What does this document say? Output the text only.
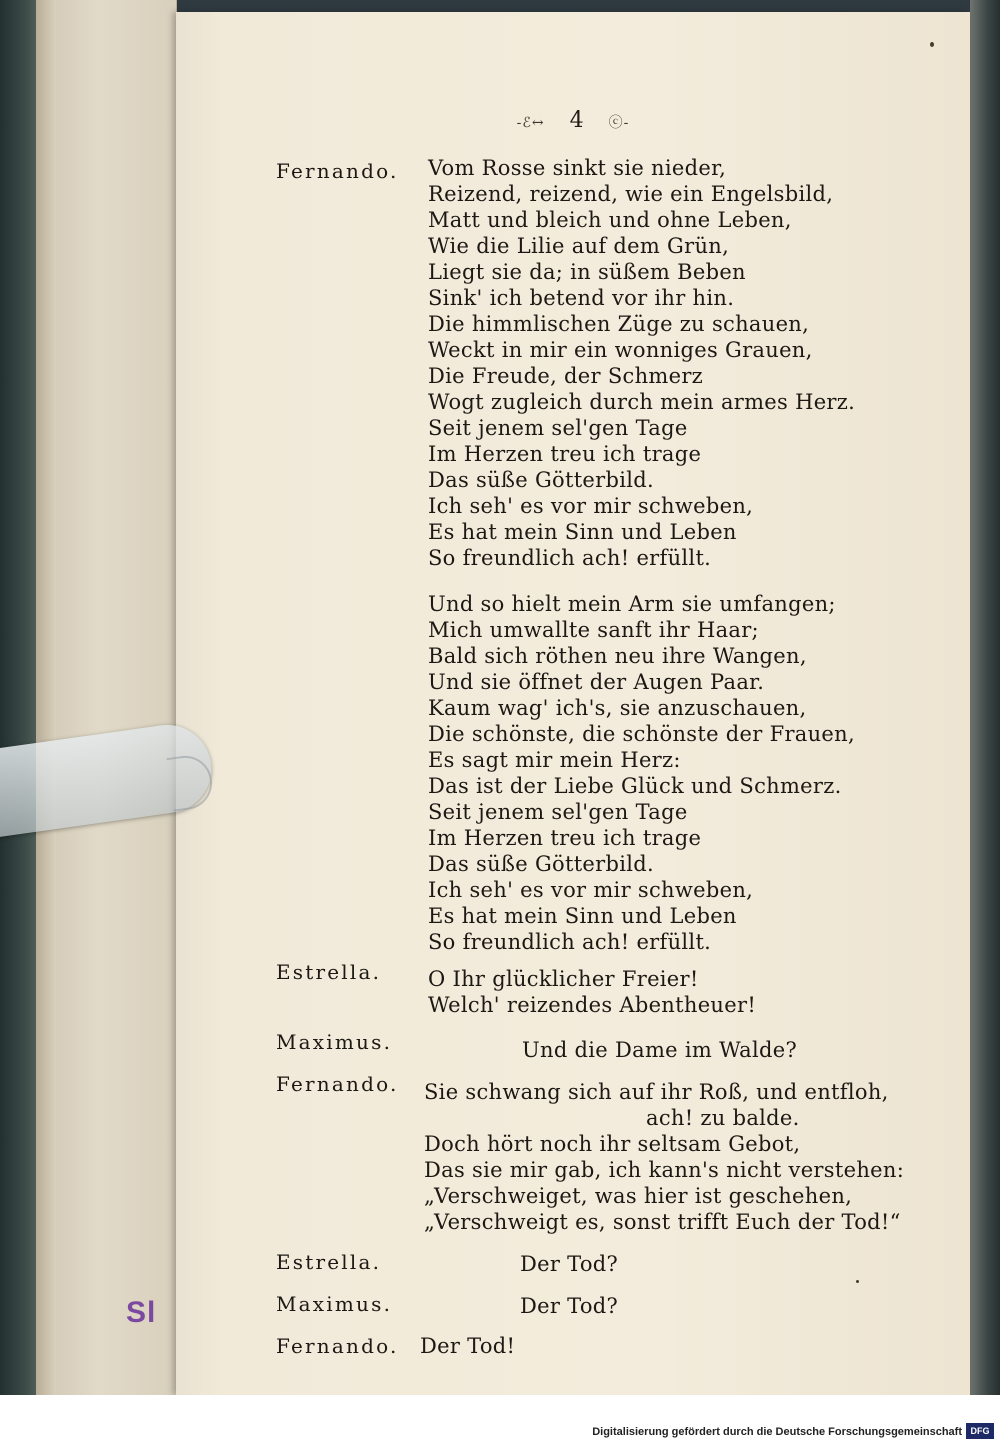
Sl
-ℰ↔ 4 ⓒ-
Fernando. Vom Rosse sinkt sie nieder,
Reizend, reizend, wie ein Engelsbild,
Matt und bleich und ohne Leben,
Wie die Lilie auf dem Grün,
Liegt sie da; in süßem Beben
Sink' ich betend vor ihr hin.
Die himmlischen Züge zu schauen,
Weckt in mir ein wonniges Grauen,
Die Freude, der Schmerz
Wogt zugleich durch mein armes Herz.
Seit jenem sel'gen Tage
Im Herzen treu ich trage
Das süße Götterbild.
Ich seh' es vor mir schweben,
Es hat mein Sinn und Leben
So freundlich ach! erfüllt.
Und so hielt mein Arm sie umfangen;
Mich umwallte sanft ihr Haar;
Bald sich röthen neu ihre Wangen,
Und sie öffnet der Augen Paar.
Kaum wag' ich's, sie anzuschauen,
Die schönste, die schönste der Frauen,
Es sagt mir mein Herz:
Das ist der Liebe Glück und Schmerz.
Seit jenem sel'gen Tage
Im Herzen treu ich trage
Das süße Götterbild.
Ich seh' es vor mir schweben,
Es hat mein Sinn und Leben
So freundlich ach! erfüllt.
Estrella. O Ihr glücklicher Freier!
Welch' reizendes Abentheuer!
Maximus.	Und die Dame im Walde?
Fernando. Sie schwang sich auf ihr Roß, und entfloh,
ach! zu balde.
Doch hört noch ihr seltsam Gebot,
Das sie mir gab, ich kann's nicht verstehen:
„Verschweiget, was hier ist geschehen,
„Verschweigt es, sonst trifft Euch der Tod!“
Estrella.	Der Tod?
Maximus.	Der Tod?
Fernando. Der Tod!
Digitalisierung gefördert durch die Deutsche Forschungsgemeinschaft DFG
